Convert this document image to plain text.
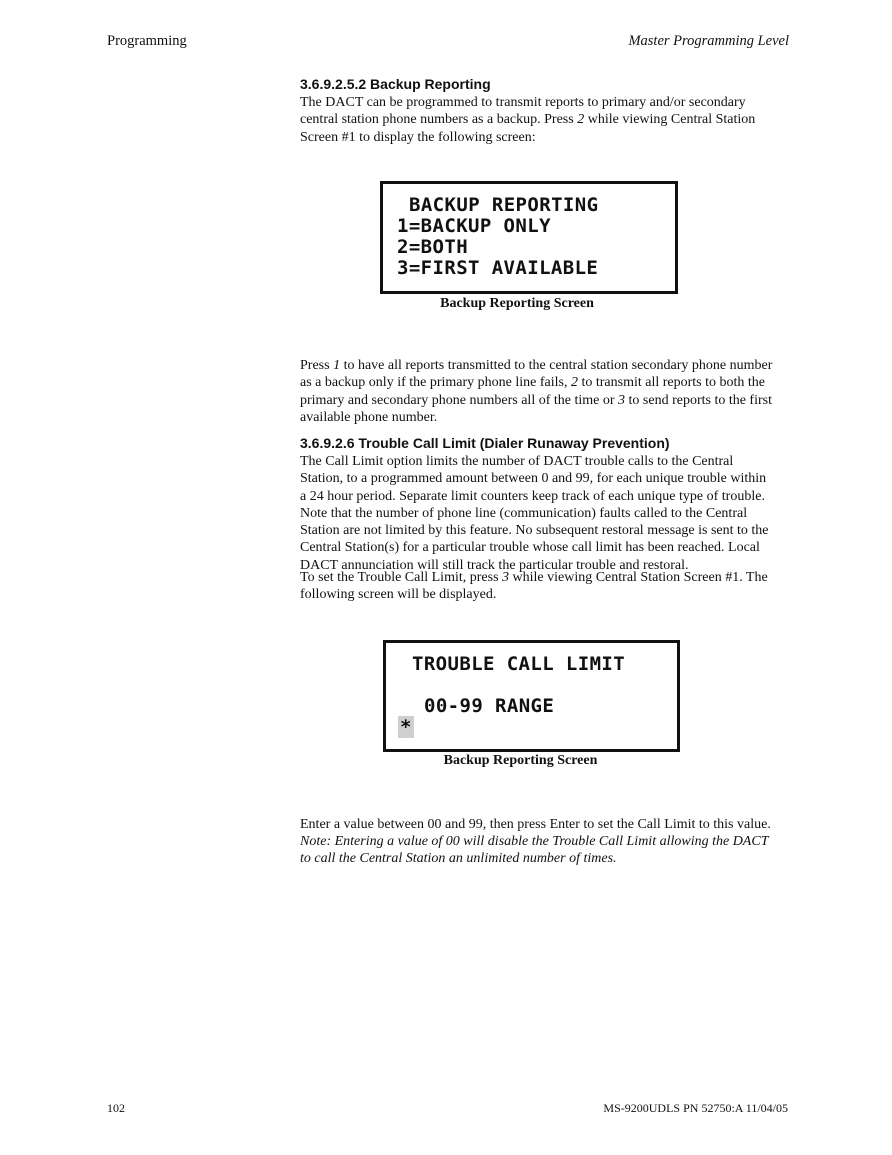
Programming	Master Programming Level
3.6.9.2.5.2 Backup Reporting

The DACT can be programmed to transmit reports to primary and/or secondary
central station phone numbers as a backup. Press 2 while viewing Central Station
Screen #1 to display the following screen:

BACKUP REPORTING
1=BACKUP ONLY
2=BOTH
3=FIRST AVAILABLE
Backup Reporting Screen

Press 1 to have all reports transmitted to the central station secondary phone number
as a backup only if the primary phone line fails, 2 to transmit all reports to both the
primary and secondary phone numbers all of the time or 3 to send reports to the first
available phone number.

3.6.9.2.6 Trouble Call Limit (Dialer Runaway Prevention)

The Call Limit option limits the number of DACT trouble calls to the Central
Station, to a programmed amount between 0 and 99, for each unique trouble within
a 24 hour period. Separate limit counters keep track of each unique type of trouble.
Note that the number of phone line (communication) faults called to the Central
Station are not limited by this feature. No subsequent restoral message is sent to the
Central Station(s) for a particular trouble whose call limit has been reached. Local
DACT annunciation will still track the particular trouble and restoral.

To set the Trouble Call Limit, press 3 while viewing Central Station Screen #1. The
following screen will be displayed.

TROUBLE CALL LIMIT
00-99 RANGE
*
Backup Reporting Screen

Enter a value between 00 and 99, then press Enter to set the Call Limit to this value.

Note: Entering a value of 00 will disable the Trouble Call Limit allowing the DACT
to call the Central Station an unlimited number of times.

102	MS-9200UDLS PN 52750:A 11/04/05
